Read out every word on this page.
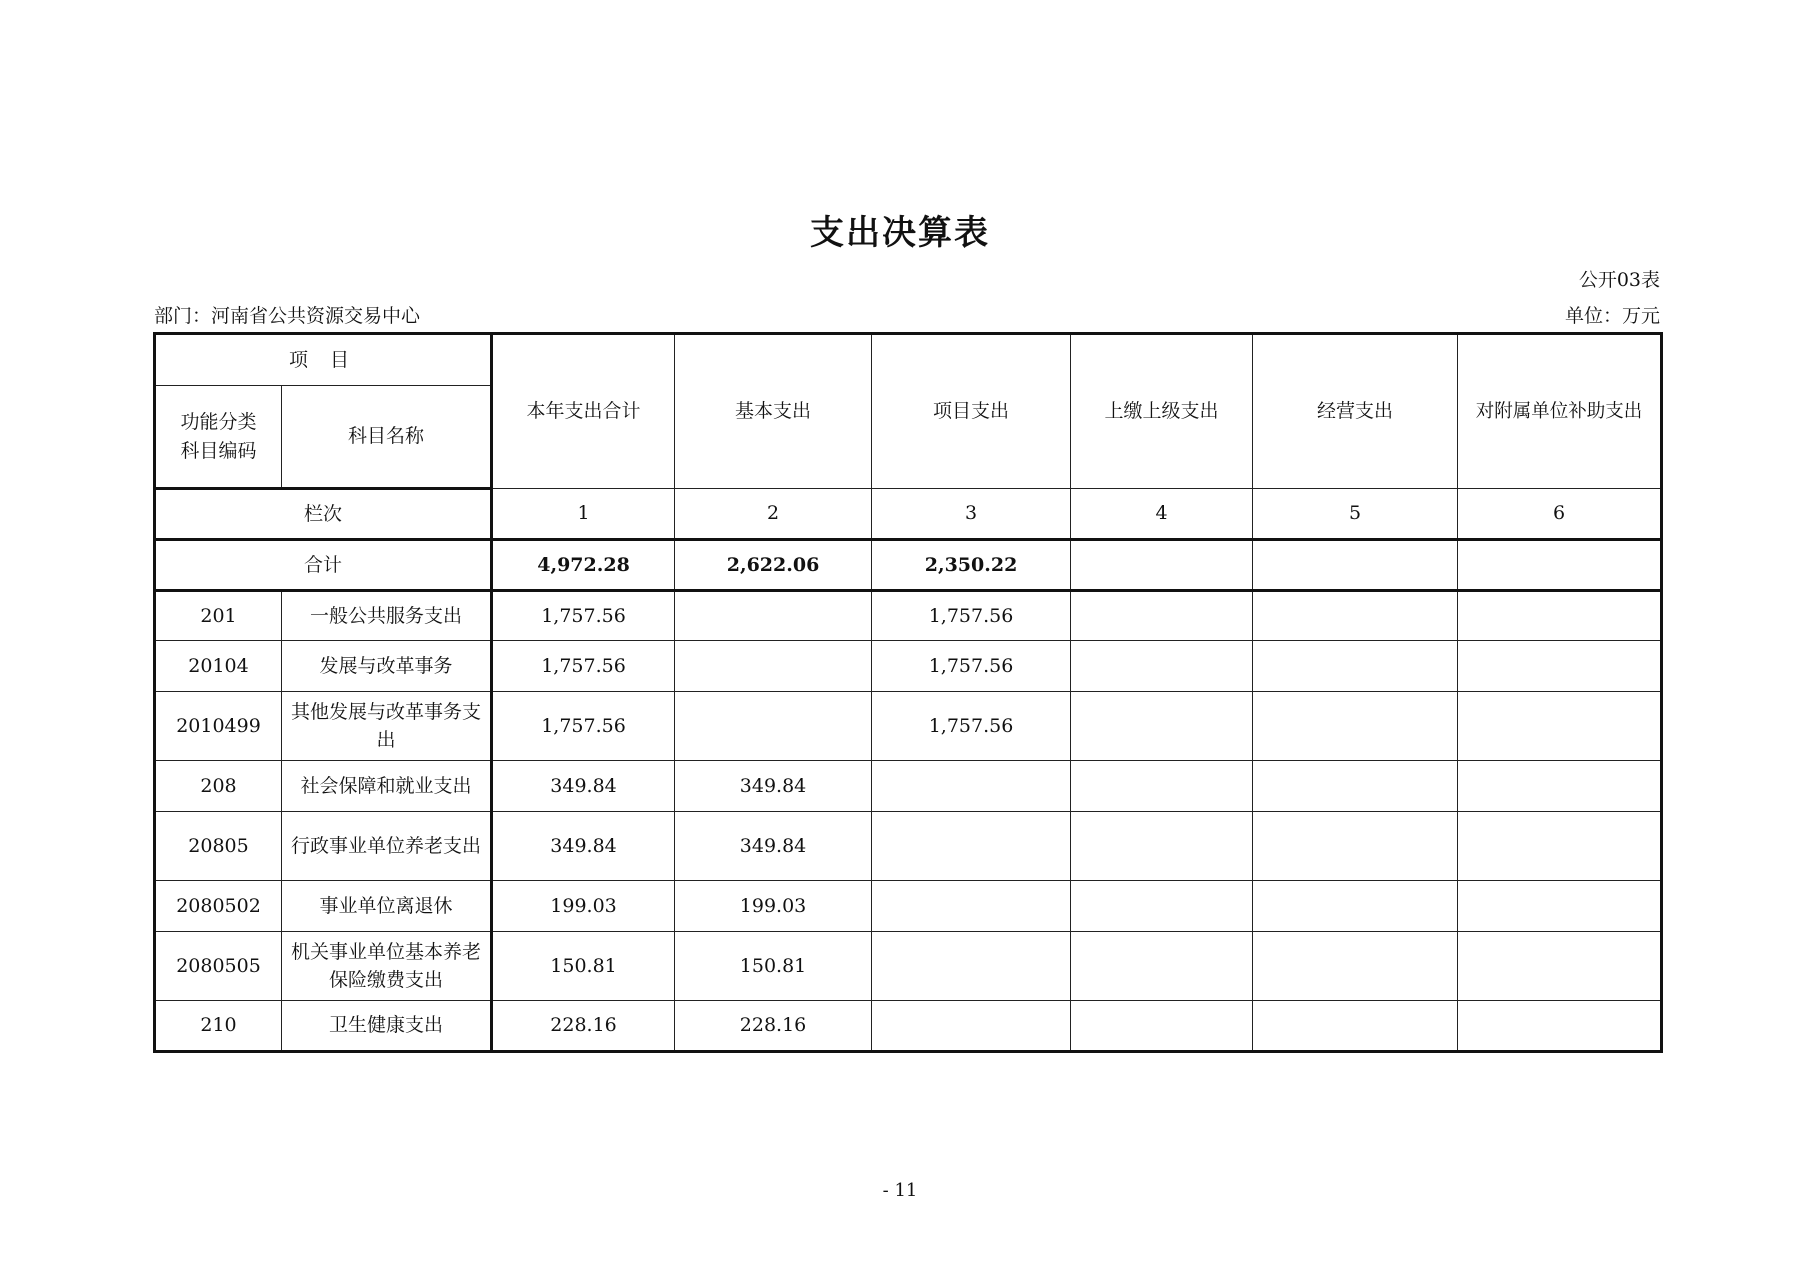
支出决算表
公开03表
部门：河南省公共资源交易中心	单位：万元
项 目		本年支出合计	基本支出	项目支出	上缴上级支出	经营支出	对附属单位补助支出
功能分类科目编码	科目名称						
栏次		1	2	3	4	5	6
合计		4,972.28	2,622.06	2,350.22			
201	一般公共服务支出	1,757.56		1,757.56			
20104	发展与改革事务	1,757.56		1,757.56			
2010499	其他发展与改革事务支出	1,757.56		1,757.56			
208	社会保障和就业支出	349.84	349.84				
20805	行政事业单位养老支出	349.84	349.84				
2080502	事业单位离退休	199.03	199.03				
2080505	机关事业单位基本养老保险缴费支出	150.81	150.81				
210	卫生健康支出	228.16	228.16				
- 11
